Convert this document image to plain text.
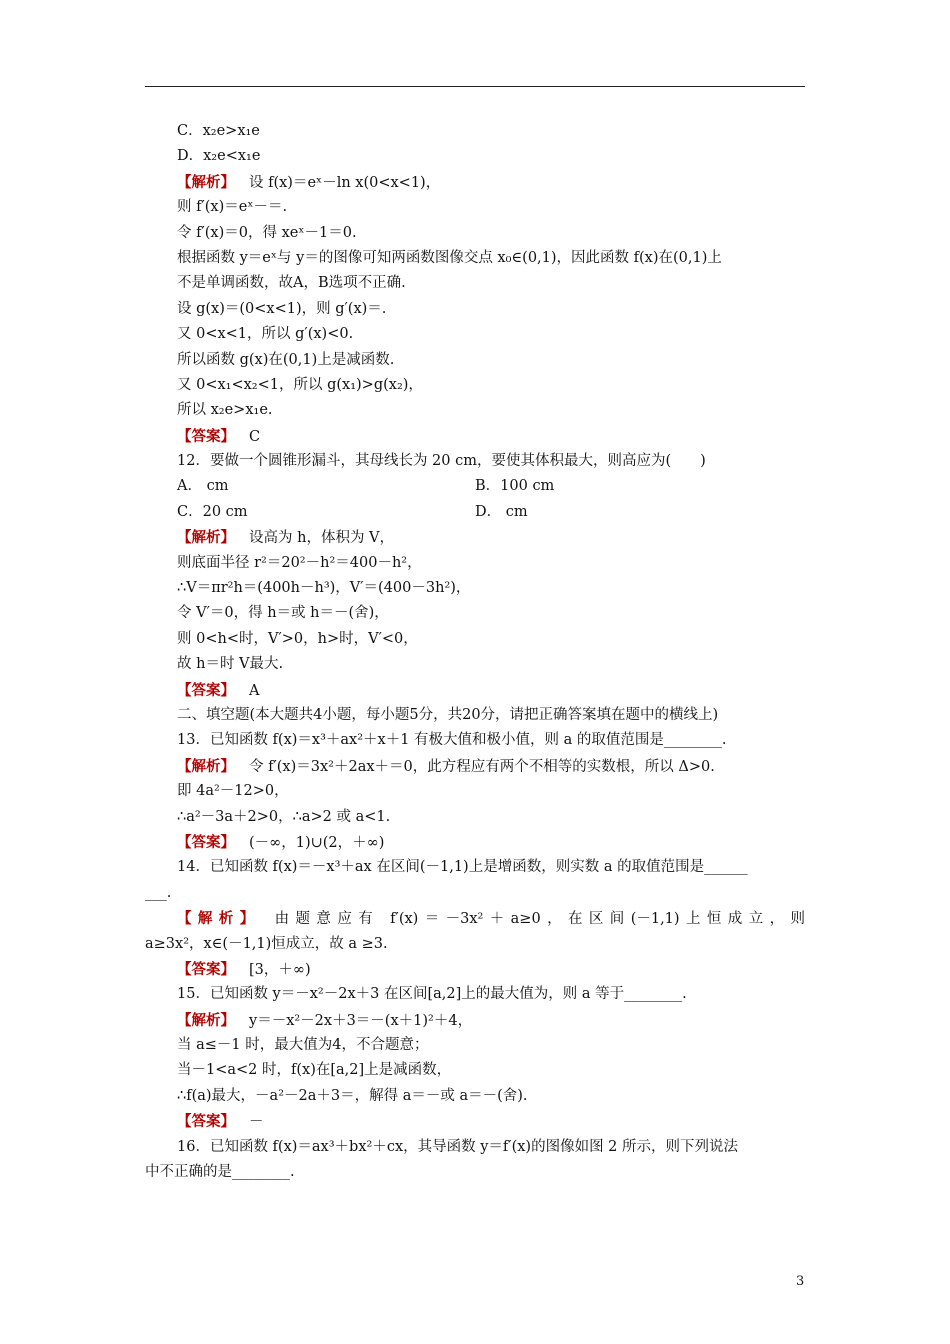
C．x₂e>x₁e
D．x₂e<x₁e
【解析】 设 f(x)＝eˣ－ln x(0<x<1)，
则 f′(x)＝eˣ－＝.
令 f′(x)＝0，得 xeˣ－1＝0.
根据函数 y＝eˣ与 y＝的图像可知两函数图像交点 x₀∈(0,1)，因此函数 f(x)在(0,1)上
不是单调函数，故A，B选项不正确.
设 g(x)＝(0<x<1)，则 g′(x)＝.
又 0<x<1，所以 g′(x)<0.
所以函数 g(x)在(0,1)上是减函数.
又 0<x₁<x₂<1，所以 g(x₁)>g(x₂)，
所以 x₂e>x₁e.
【答案】 C
12．要做一个圆锥形漏斗，其母线长为 20 cm，要使其体积最大，则高应为(　　)
A． cm	B．100 cm
C．20 cm	D． cm
【解析】 设高为 h，体积为 V，
则底面半径 r²＝20²－h²＝400－h²，
∴V＝πr²h＝(400h－h³)，V′＝(400－3h²)，
令 V′＝0，得 h＝或 h＝－(舍)，
则 0<h<时，V′>0，h>时，V′<0，
故 h＝时 V最大.
【答案】 A
二、填空题(本大题共4小题，每小题5分，共20分，请把正确答案填在题中的横线上)
13．已知函数 f(x)＝x³＋ax²＋x＋1 有极大值和极小值，则 a 的取值范围是________.
【解析】 令 f′(x)＝3x²＋2ax＋＝0，此方程应有两个不相等的实数根，所以 Δ>0.
即 4a²－12>0，
∴a²－3a＋2>0，∴a>2 或 a<1.
【答案】 (－∞，1)∪(2，＋∞)
14．已知函数 f(x)＝－x³＋ax 在区间(－1,1)上是增函数，则实数 a 的取值范围是______
___.
【解析】 由题意应有 f′(x)＝－3x²＋a≥0，在区间(－1,1)上恒成立，则
a≥3x²，x∈(－1,1)恒成立，故 a ≥3.
【答案】 [3，＋∞)
15．已知函数 y＝－x²－2x＋3 在区间[a,2]上的最大值为，则 a 等于________.
【解析】 y＝－x²－2x＋3＝－(x＋1)²＋4，
当 a≤－1 时，最大值为4，不合题意；
当－1<a<2 时，f(x)在[a,2]上是减函数，
∴f(a)最大，－a²－2a＋3＝，解得 a＝－或 a＝－(舍).
【答案】 －
16．已知函数 f(x)＝ax³＋bx²＋cx，其导函数 y＝f′(x)的图像如图 2 所示，则下列说法
中不正确的是________.
3
